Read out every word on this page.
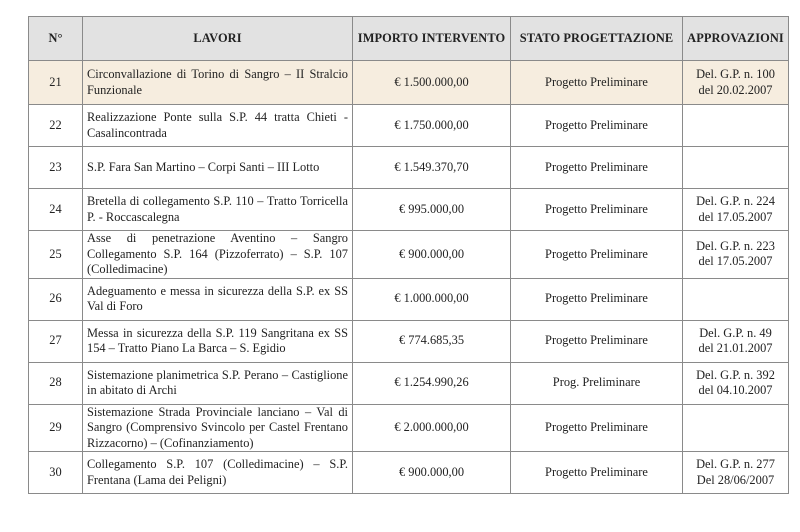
N°	LAVORI	IMPORTO INTERVENTO	STATO PROGETTAZIONE	APPROVAZIONI
21	Circonvallazione di Torino di Sangro – II Stralcio Funzionale	€ 1.500.000,00	Progetto Preliminare	Del. G.P. n. 100
del 20.02.2007
22	Realizzazione Ponte sulla S.P. 44 tratta Chieti - Casalincontrada	€ 1.750.000,00	Progetto Preliminare	

23	S.P. Fara San Martino – Corpi Santi – III Lotto	€ 1.549.370,70	Progetto Preliminare	

24	Bretella di collegamento S.P. 110 – Tratto Torricella P. - Roccascalegna	€ 995.000,00	Progetto Preliminare	Del. G.P. n. 224
del 17.05.2007
25	Asse di penetrazione Aventino – Sangro Collegamento S.P. 164 (Pizzoferrato) – S.P. 107 (Colledimacine)	€ 900.000,00	Progetto Preliminare	Del. G.P. n. 223
del 17.05.2007
26	Adeguamento e messa in sicurezza della S.P. ex SS Val di Foro	€ 1.000.000,00	Progetto Preliminare	

27	Messa in sicurezza della S.P. 119 Sangritana ex SS 154 – Tratto Piano La Barca – S. Egidio	€ 774.685,35	Progetto Preliminare	Del. G.P. n. 49
del 21.01.2007
28	Sistemazione planimetrica S.P. Perano – Castiglione in abitato di Archi	€ 1.254.990,26	Prog. Preliminare	Del. G.P. n. 392
del 04.10.2007
29	Sistemazione Strada Provinciale lanciano – Val di Sangro (Comprensivo Svincolo per Castel Frentano Rizzacorno) – (Cofinanziamento)	€ 2.000.000,00	Progetto Preliminare	

30	Collegamento S.P. 107 (Colledimacine) – S.P. Frentana (Lama dei Peligni)	€ 900.000,00	Progetto Preliminare	Del. G.P. n. 277
Del 28/06/2007
